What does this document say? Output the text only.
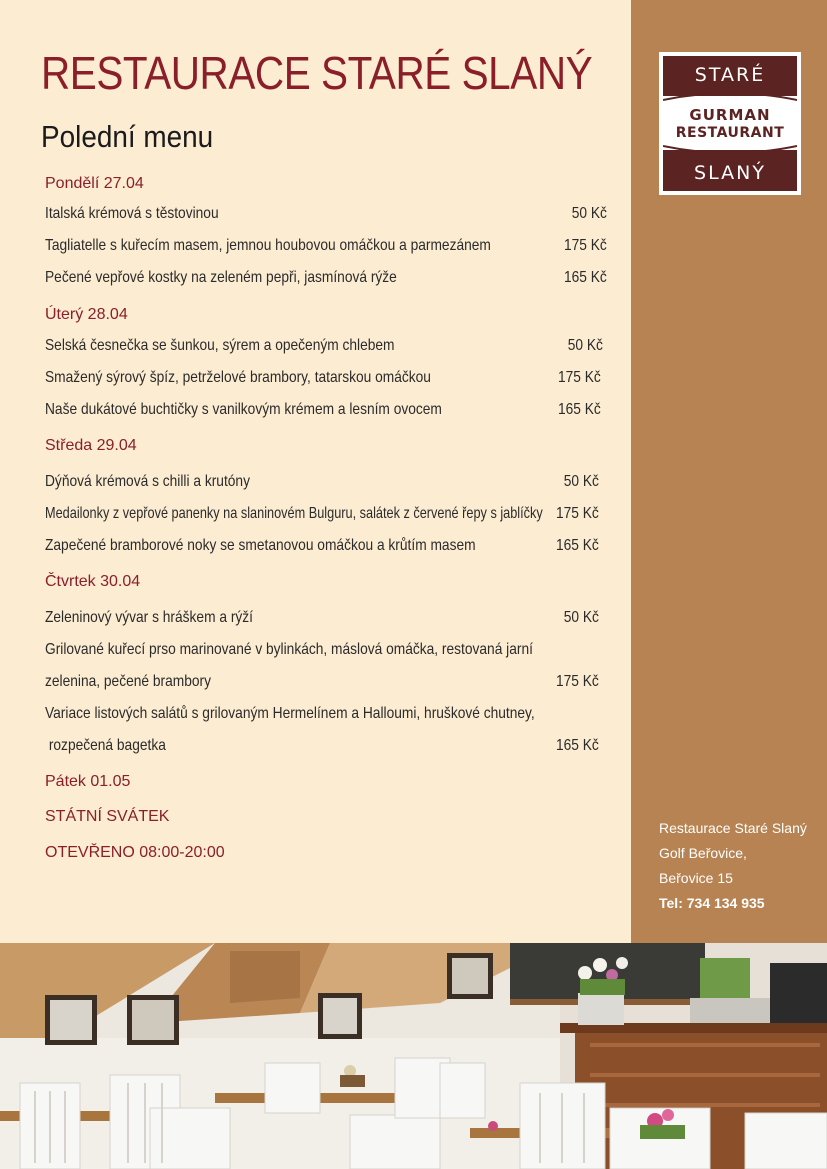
RESTAURACE STARÉ SLANÝ
Polední menu
Pondělí 27.04
Italská krémová s těstovinou	50 Kč
Tagliatelle s kuřecím masem, jemnou houbovou omáčkou a parmezánem	175 Kč
Pečené vepřové kostky na zeleném pepři, jasmínová rýže	165 Kč
Úterý 28.04
Selská česnečka se šunkou, sýrem a opečeným chlebem	50 Kč
Smažený sýrový špíz, petrželové brambory, tatarskou omáčkou	175 Kč
Naše dukátové buchtičky s vanilkovým krémem a lesním ovocem	165 Kč
Středa 29.04
Dýňová krémová s chilli a krutóny	50 Kč
Medailonky z vepřové panenky na slaninovém Bulguru, salátek z červené řepy s jablíčky 175 Kč
Zapečené bramborové noky se smetanovou omáčkou a krůtím masem	165 Kč
Čtvrtek 30.04
Zeleninový vývar s hráškem a rýží	50 Kč
Grilované kuřecí prso marinované v bylinkách, máslová omáčka, restovaná jarní
zelenina, pečené brambory	175 Kč
Variace listových salátů s grilovaným Hermelínem a Halloumi, hruškové chutney,
rozpečená bagetka	165 Kč
Pátek 01.05
STÁTNÍ SVÁTEK
OTEVŘENO 08:00-20:00
STARÉ
GURMAN
RESTAURANT
SLANÝ
Restaurace Staré Slaný
Golf Beřovice,
Beřovice 15
Tel: 734 134 935
